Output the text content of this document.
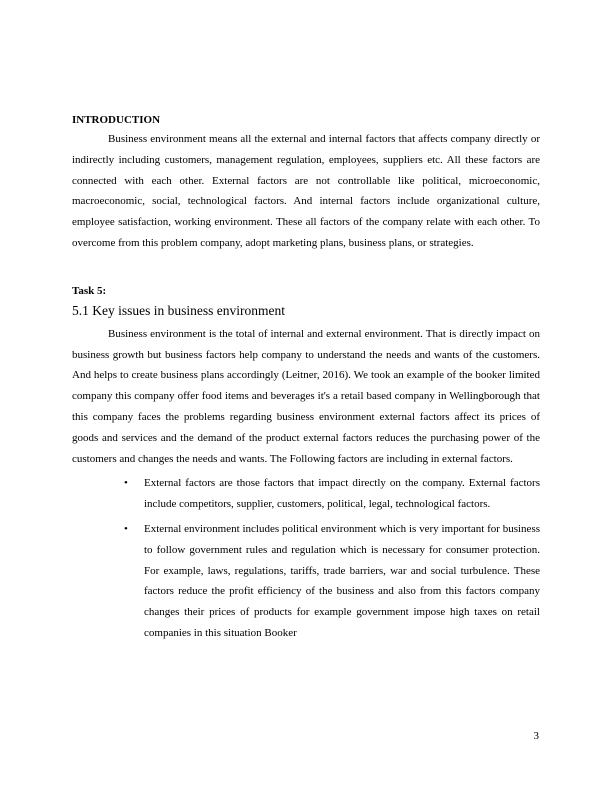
INTRODUCTION

Business environment means all the external and internal factors that affects company directly or indirectly including customers, management regulation, employees, suppliers etc. All these factors are connected with each other. External factors are not controllable like political, microeconomic, macroeconomic, social, technological factors. And internal factors include organizational culture, employee satisfaction, working environment. These all factors of the company relate with each other. To overcome from this problem company, adopt marketing plans, business plans, or strategies.

Task 5:

5.1 Key issues in business environment

Business environment is the total of internal and external environment. That is directly impact on business growth but business factors help company to understand the needs and wants of the customers. And helps to create business plans accordingly (Leitner, 2016). We took an example of the booker limited company this company offer food items and beverages it's a retail based company in Wellingborough that this company faces the problems regarding business environment external factors affect its prices of goods and services and the demand of the product external factors reduces the purchasing power of the customers and changes the needs and wants. The Following factors are including in external factors.

• External factors are those factors that impact directly on the company. External factors include competitors, supplier, customers, political, legal, technological factors.
• External environment includes political environment which is very important for business to follow government rules and regulation which is necessary for consumer protection. For example, laws, regulations, tariffs, trade barriers, war and social turbulence. These factors reduce the profit efficiency of the business and also from this factors company changes their prices of products for example government impose high taxes on retail companies in this situation Booker
3
